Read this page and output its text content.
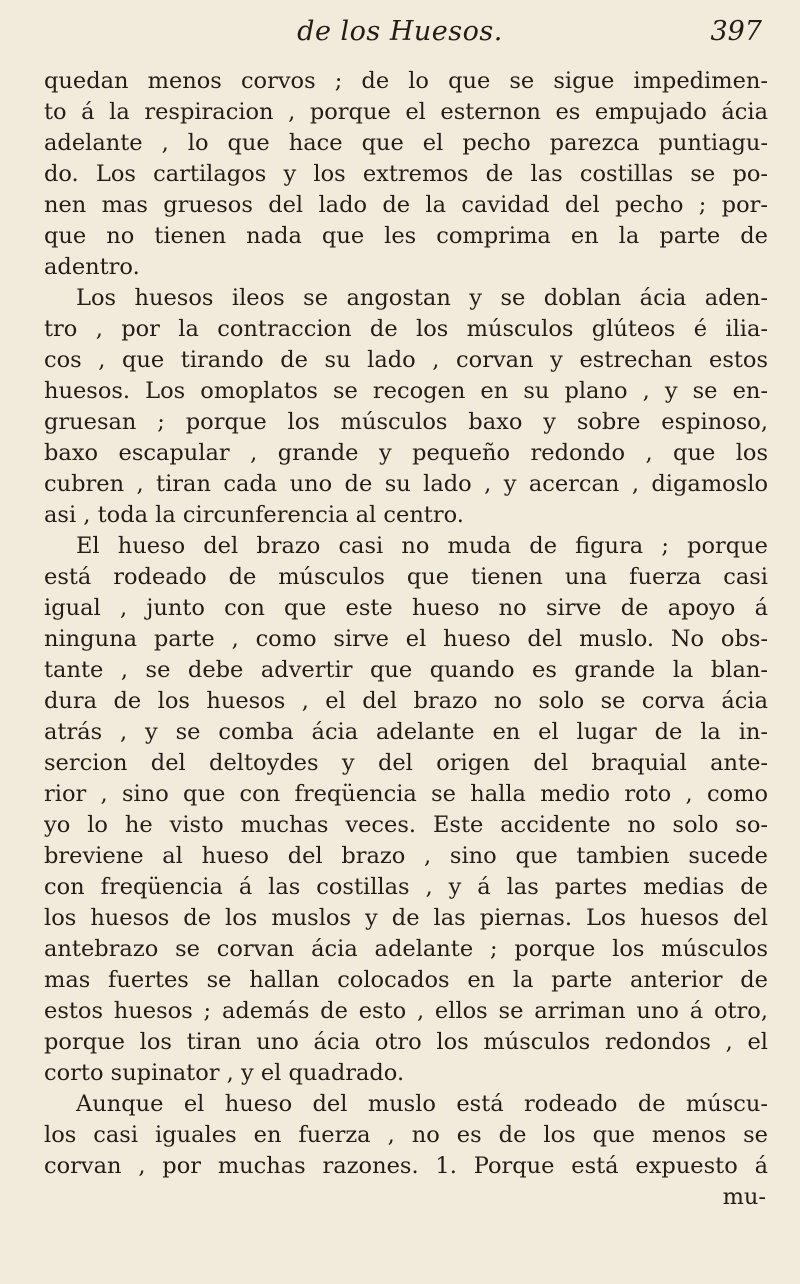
de los Huesos.	397
quedan menos corvos ; de lo que se sigue impedimen-
to á la respiracion , porque el esternon es empujado ácia
adelante , lo que hace que el pecho parezca puntiagu-
do. Los cartilagos y los extremos de las costillas se po-
nen mas gruesos del lado de la cavidad del pecho ; por-
que no tienen nada que les comprima en la parte de
adentro.
Los huesos ileos se angostan y se doblan ácia aden-
tro , por la contraccion de los músculos glúteos é ilia-
cos , que tirando de su lado , corvan y estrechan estos
huesos. Los omoplatos se recogen en su plano , y se en-
gruesan ; porque los músculos baxo y sobre espinoso,
baxo escapular , grande y pequeño redondo , que los
cubren , tiran cada uno de su lado , y acercan , digamoslo
asi , toda la circunferencia al centro.
El hueso del brazo casi no muda de figura ; porque
está rodeado de músculos que tienen una fuerza casi
igual , junto con que este hueso no sirve de apoyo á
ninguna parte , como sirve el hueso del muslo. No obs-
tante , se debe advertir que quando es grande la blan-
dura de los huesos , el del brazo no solo se corva ácia
atrás , y se comba ácia adelante en el lugar de la in-
sercion del deltoydes y del origen del braquial ante-
rior , sino que con freqüencia se halla medio roto , como
yo lo he visto muchas veces. Este accidente no solo so-
breviene al hueso del brazo , sino que tambien sucede
con freqüencia á las costillas , y á las partes medias de
los huesos de los muslos y de las piernas. Los huesos del
antebrazo se corvan ácia adelante ; porque los músculos
mas fuertes se hallan colocados en la parte anterior de
estos huesos ; además de esto , ellos se arriman uno á otro,
porque los tiran uno ácia otro los músculos redondos , el
corto supinator , y el quadrado.
Aunque el hueso del muslo está rodeado de múscu-
los casi iguales en fuerza , no es de los que menos se
corvan , por muchas razones. 1. Porque está expuesto á
mu-
